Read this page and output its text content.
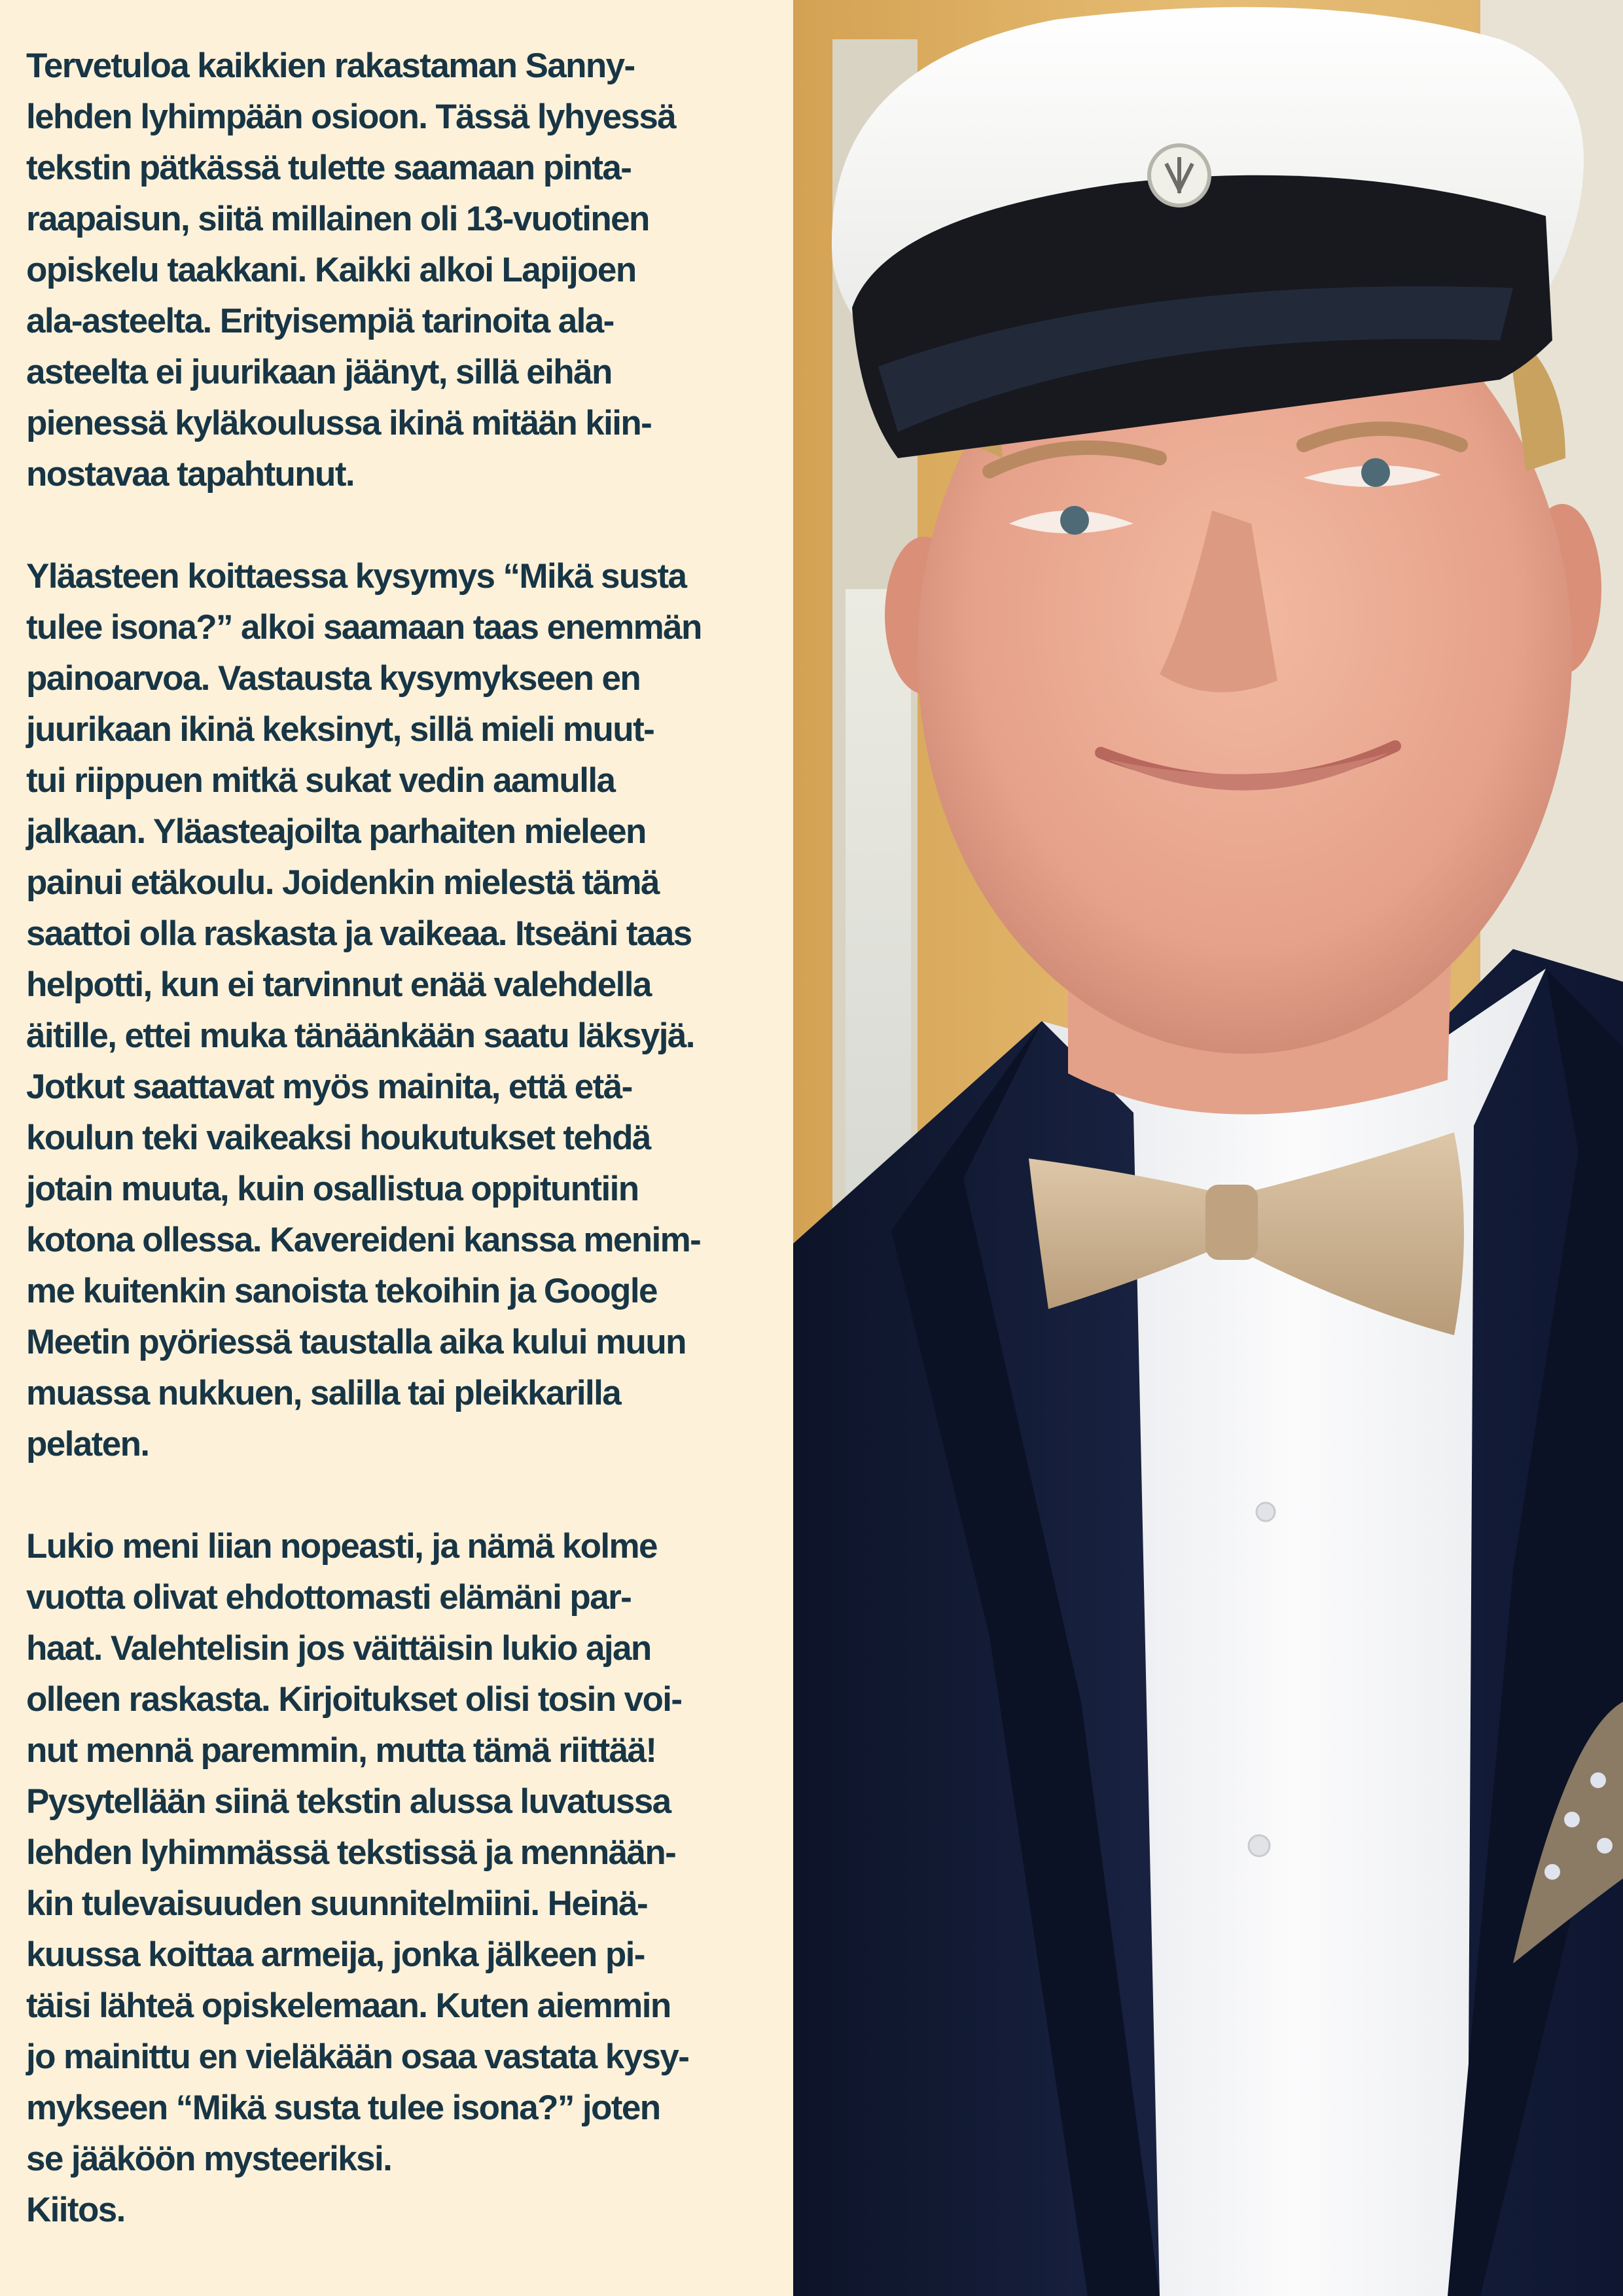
Tervetuloa kaikkien rakastaman Sanny-
lehden lyhimpään osioon. Tässä lyhyessä
tekstin pätkässä tulette saamaan pinta-
raapaisun, siitä millainen oli 13-vuotinen
opiskelu taakkani. Kaikki alkoi Lapijoen
ala-asteelta. Erityisempiä tarinoita ala-
asteelta ei juurikaan jäänyt, sillä eihän
pienessä kyläkoulussa ikinä mitään kiin-
nostavaa tapahtunut.

Yläasteen koittaessa kysymys “Mikä susta
tulee isona?” alkoi saamaan taas enemmän
painoarvoa. Vastausta kysymykseen en
juurikaan ikinä keksinyt, sillä mieli muut-
tui riippuen mitkä sukat vedin aamulla
jalkaan. Yläasteajoilta parhaiten mieleen
painui etäkoulu. Joidenkin mielestä tämä
saattoi olla raskasta ja vaikeaa. Itseäni taas
helpotti, kun ei tarvinnut enää valehdella
äitille, ettei muka tänäänkään saatu läksyjä.
Jotkut saattavat myös mainita, että etä-
koulun teki vaikeaksi houkutukset tehdä
jotain muuta, kuin osallistua oppituntiin
kotona ollessa. Kavereideni kanssa menim-
me kuitenkin sanoista tekoihin ja Google
Meetin pyöriessä taustalla aika kului muun
muassa nukkuen, salilla tai pleikkarilla
pelaten.

Lukio meni liian nopeasti, ja nämä kolme
vuotta olivat ehdottomasti elämäni par-
haat. Valehtelisin jos väittäisin lukio ajan
olleen raskasta. Kirjoitukset olisi tosin voi-
nut mennä paremmin, mutta tämä riittää!
Pysytellään siinä tekstin alussa luvatussa
lehden lyhimmässä tekstissä ja mennään-
kin tulevaisuuden suunnitelmiini. Heinä-
kuussa koittaa armeija, jonka jälkeen pi-
täisi lähteä opiskelemaan. Kuten aiemmin
jo mainittu en vieläkään osaa vastata kysy-
mykseen “Mikä susta tulee isona?” joten
se jääköön mysteeriksi.
Kiitos.
